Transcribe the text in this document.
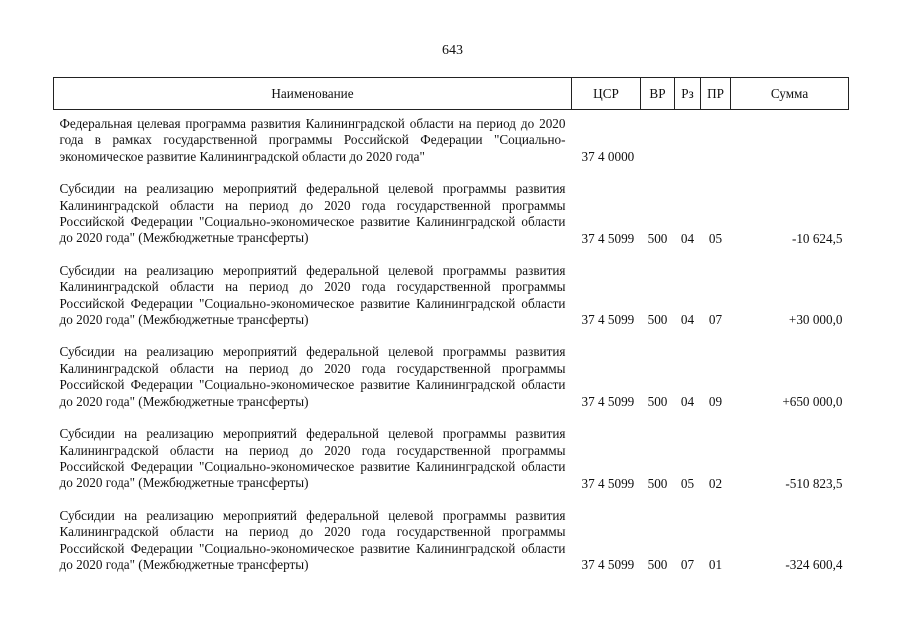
643
Наименование	ЦСР	ВР	Рз	ПР	Сумма
Федеральная целевая программа развития Калининградской области на период до 2020 года в рамках государственной программы Российской Федерации "Социально-экономическое развитие Калининградской области до 2020 года"	37 4 0000				
Субсидии на реализацию мероприятий федеральной целевой программы развития Калининградской области на период до 2020 года государственной программы Российской Федерации "Социально-экономическое развитие Калининградской области до 2020 года" (Межбюджетные трансферты)	37 4 5099	500	04	05	-10 624,5
Субсидии на реализацию мероприятий федеральной целевой программы развития Калининградской области на период до 2020 года государственной программы Российской Федерации "Социально-экономическое развитие Калининградской области до 2020 года" (Межбюджетные трансферты)	37 4 5099	500	04	07	+30 000,0
Субсидии на реализацию мероприятий федеральной целевой программы развития Калининградской области на период до 2020 года государственной программы Российской Федерации "Социально-экономическое развитие Калининградской области до 2020 года" (Межбюджетные трансферты)	37 4 5099	500	04	09	+650 000,0
Субсидии на реализацию мероприятий федеральной целевой программы развития Калининградской области на период до 2020 года государственной программы Российской Федерации "Социально-экономическое развитие Калининградской области до 2020 года" (Межбюджетные трансферты)	37 4 5099	500	05	02	-510 823,5
Субсидии на реализацию мероприятий федеральной целевой программы развития Калининградской области на период до 2020 года государственной программы Российской Федерации "Социально-экономическое развитие Калининградской области до 2020 года" (Межбюджетные трансферты)	37 4 5099	500	07	01	-324 600,4
